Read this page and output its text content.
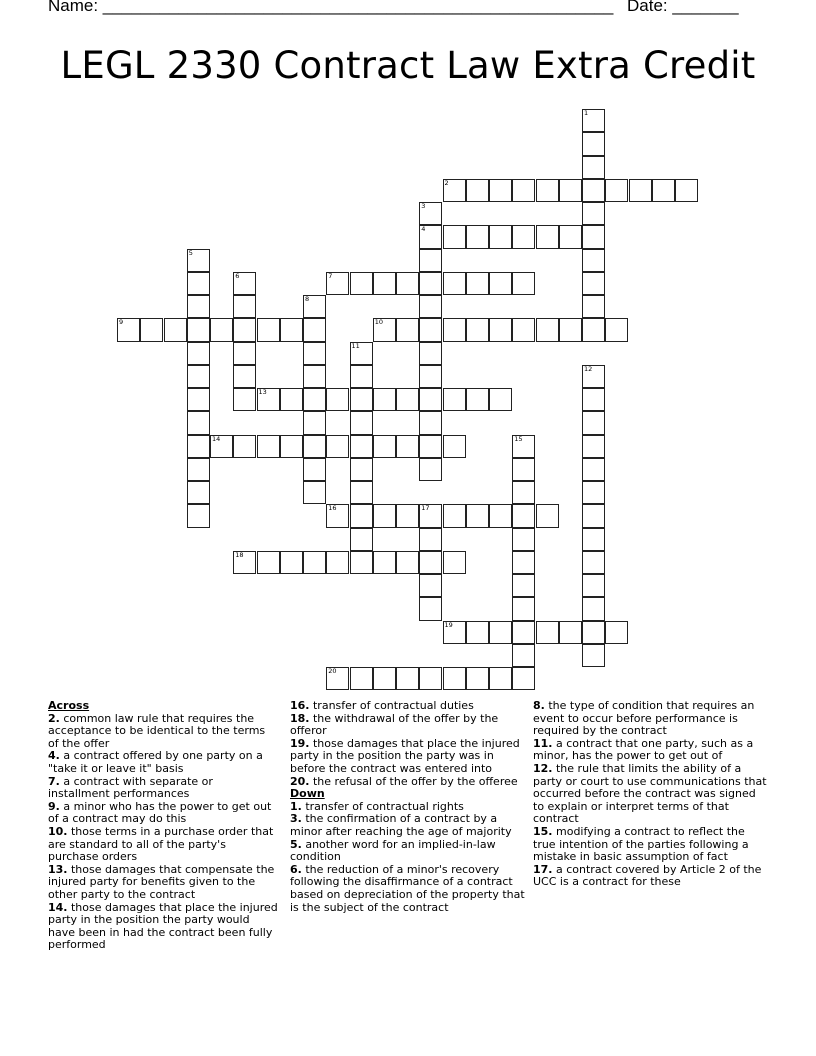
Name: ______________________________________________________ Date: _______
LEGL 2330 Contract Law Extra Credit
1
2
3
4
5
6	7
8
9	10
11
12
13
14	15
16	17
18
19
20
Across
2. common law rule that requires the acceptance to be identical to the terms of the offer
4. a contract offered by one party on a "take it or leave it" basis
7. a contract with separate or installment performances
9. a minor who has the power to get out of a contract may do this
10. those terms in a purchase order that are standard to all of the party's purchase orders
13. those damages that compensate the injured party for benefits given to the other party to the contract
14. those damages that place the injured party in the position the party would have been in had the contract been fully performed
16. transfer of contractual duties
18. the withdrawal of the offer by the offeror
19. those damages that place the injured party in the position the party was in before the contract was entered into
20. the refusal of the offer by the offeree
Down
1. transfer of contractual rights
3. the confirmation of a contract by a minor after reaching the age of majority
5. another word for an implied-in-law condition
6. the reduction of a minor's recovery following the disaffirmance of a contract based on depreciation of the property that is the subject of the contract
8. the type of condition that requires an event to occur before performance is required by the contract
11. a contract that one party, such as a minor, has the power to get out of
12. the rule that limits the ability of a party or court to use communications that occurred before the contract was signed to explain or interpret terms of that contract
15. modifying a contract to reflect the true intention of the parties following a mistake in basic assumption of fact
17. a contract covered by Article 2 of the UCC is a contract for these
